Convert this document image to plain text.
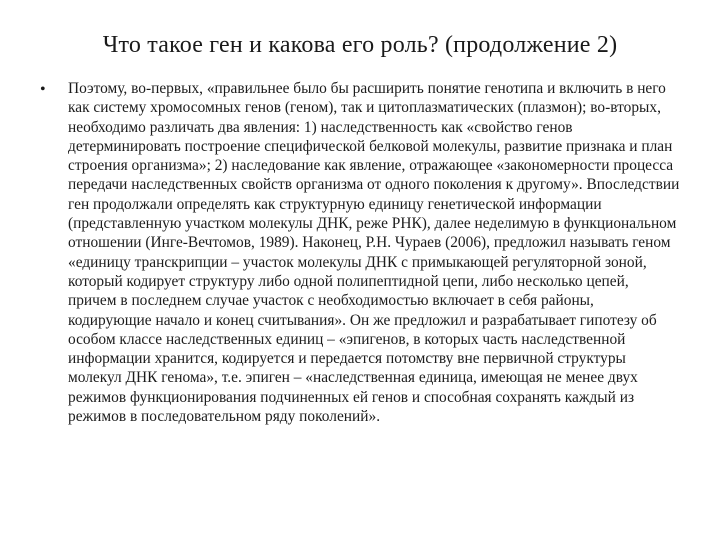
Что такое ген и какова его роль? (продолжение 2)
•	Поэтому, во-первых, «правильнее было бы расширить понятие генотипа и включить в него как систему хромосомных генов (геном), так и цитоплазматических (плазмон); во-вторых, необходимо различать два явления: 1) наследственность как «свойство генов детерминировать построение специфической белковой молекулы, развитие признака и план строения организма»; 2) наследование как явление, отражающее «закономерности процесса передачи наследственных свойств организма от одного поколения к другому». Впоследствии ген продолжали определять как структурную единицу генетической информации (представленную участком молекулы ДНК, реже РНК), далее неделимую в функциональном отношении (Инге-Вечтомов, 1989). Наконец, Р.Н. Чураев (2006), предложил называть геном «единицу транскрипции – участок молекулы ДНК с примыкающей регуляторной зоной, который кодирует структуру либо одной полипептидной цепи, либо несколько цепей, причем в последнем случае участок с необходимостью включает в себя районы, кодирующие начало и конец считывания». Он же предложил и разрабатывает гипотезу об особом классе наследственных единиц – «эпигенов, в которых часть наследственной информации хранится, кодируется и передается потомству вне первичной структуры молекул ДНК генома», т.е. эпиген – «наследственная единица, имеющая не менее двух режимов функционирования подчиненных ей генов и способная сохранять каждый из режимов в последовательном ряду поколений».
